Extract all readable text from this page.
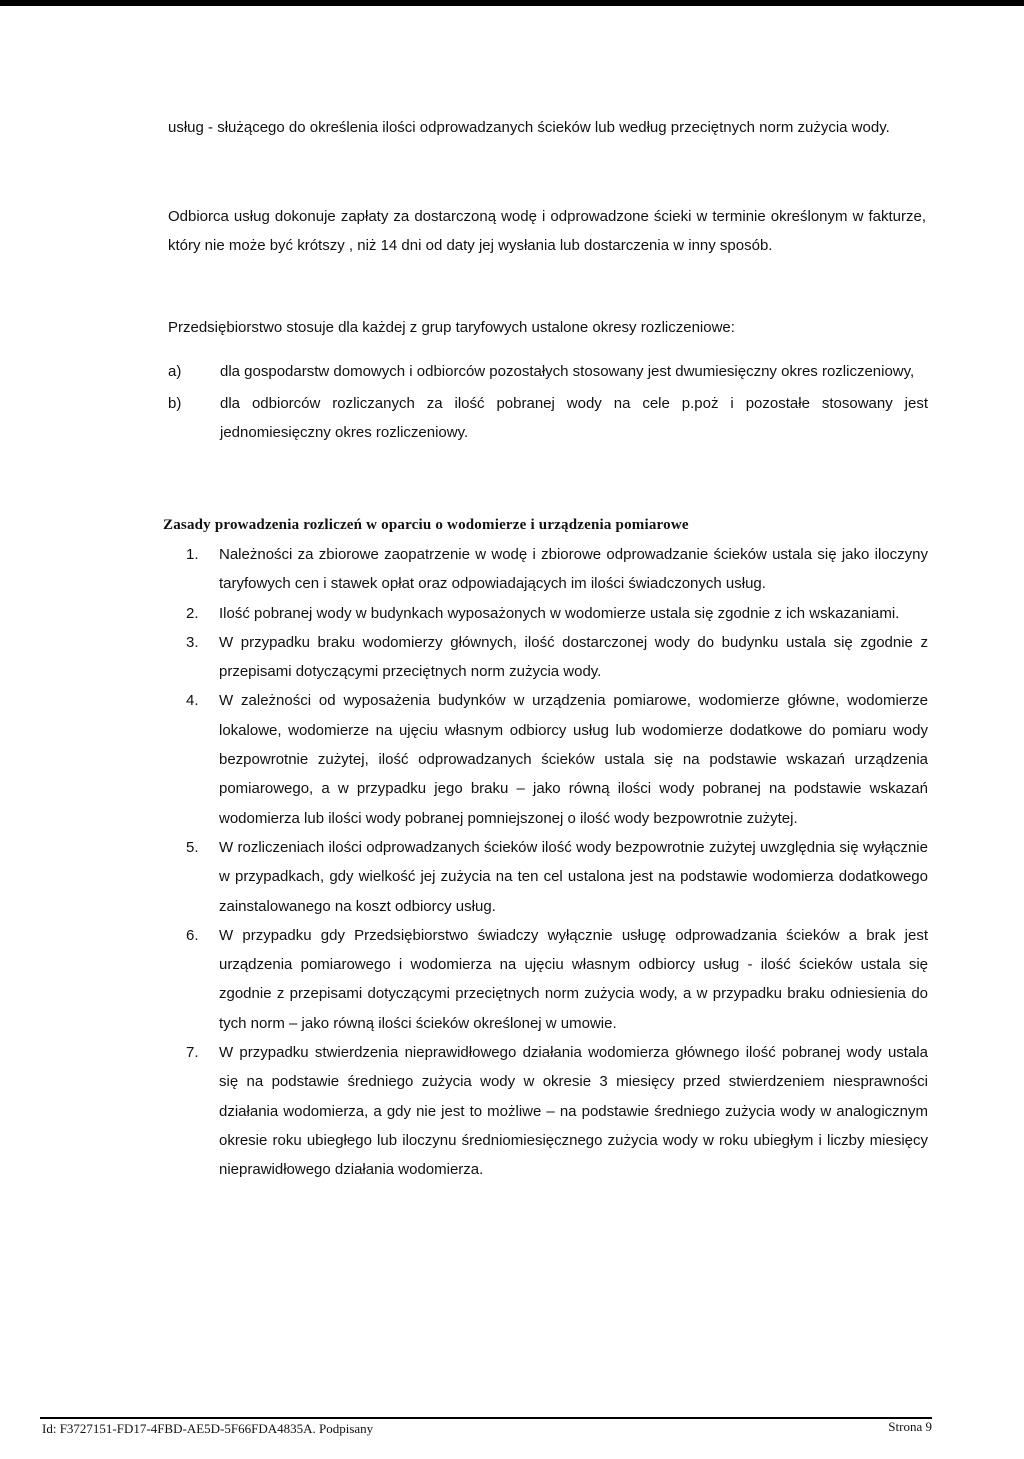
usług - służącego do określenia ilości odprowadzanych ścieków lub według przeciętnych norm zużycia wody.

Odbiorca usług dokonuje zapłaty za dostarczoną wodę i odprowadzone ścieki w terminie określonym w fakturze, który nie może być krótszy , niż 14 dni od daty jej wysłania lub dostarczenia w inny sposób.

Przedsiębiorstwo stosuje dla każdej z grup taryfowych ustalone okresy rozliczeniowe:

a)	dla gospodarstw domowych i odbiorców pozostałych stosowany jest dwumiesięczny okres rozliczeniowy,
b)	dla odbiorców rozliczanych za ilość pobranej wody na cele p.poż i pozostałe stosowany jest jednomiesięczny okres rozliczeniowy.
Zasady prowadzenia rozliczeń w oparciu o wodomierze i urządzenia pomiarowe
1. Należności za zbiorowe zaopatrzenie w wodę i zbiorowe odprowadzanie ścieków ustala się jako iloczyny taryfowych cen i stawek opłat oraz odpowiadających im ilości świadczonych usług.
2. Ilość pobranej wody w budynkach wyposażonych w wodomierze ustala się zgodnie z ich wskazaniami.
3. W przypadku braku wodomierzy głównych, ilość dostarczonej wody do budynku ustala się zgodnie z przepisami dotyczącymi przeciętnych norm zużycia wody.
4. W zależności od wyposażenia budynków w urządzenia pomiarowe, wodomierze główne, wodomierze lokalowe, wodomierze na ujęciu własnym odbiorcy usług lub wodomierze dodatkowe do pomiaru wody bezpowrotnie zużytej, ilość odprowadzanych ścieków ustala się na podstawie wskazań urządzenia pomiarowego, a w przypadku jego braku – jako równą ilości wody pobranej na podstawie wskazań wodomierza lub ilości wody pobranej pomniejszonej o ilość wody bezpowrotnie zużytej.
5. W rozliczeniach ilości odprowadzanych ścieków ilość wody bezpowrotnie zużytej uwzględnia się wyłącznie w przypadkach, gdy wielkość jej zużycia na ten cel ustalona jest na podstawie wodomierza dodatkowego zainstalowanego na koszt odbiorcy usług.
6. W przypadku gdy Przedsiębiorstwo świadczy wyłącznie usługę odprowadzania ścieków a brak jest urządzenia pomiarowego i wodomierza na ujęciu własnym odbiorcy usług - ilość ścieków ustala się zgodnie z przepisami dotyczącymi przeciętnych norm zużycia wody, a w przypadku braku odniesienia do tych norm – jako równą ilości ścieków określonej w umowie.
7. W przypadku stwierdzenia nieprawidłowego działania wodomierza głównego ilość pobranej wody ustala się na podstawie średniego zużycia wody w okresie 3 miesięcy przed stwierdzeniem niesprawności działania wodomierza, a gdy nie jest to możliwe – na podstawie średniego zużycia wody w analogicznym okresie roku ubiegłego lub iloczynu średniomiesięcznego zużycia wody w roku ubiegłym i liczby miesięcy nieprawidłowego działania wodomierza.
Id: F3727151-FD17-4FBD-AE5D-5F66FDA4835A. Podpisany	Strona 9
